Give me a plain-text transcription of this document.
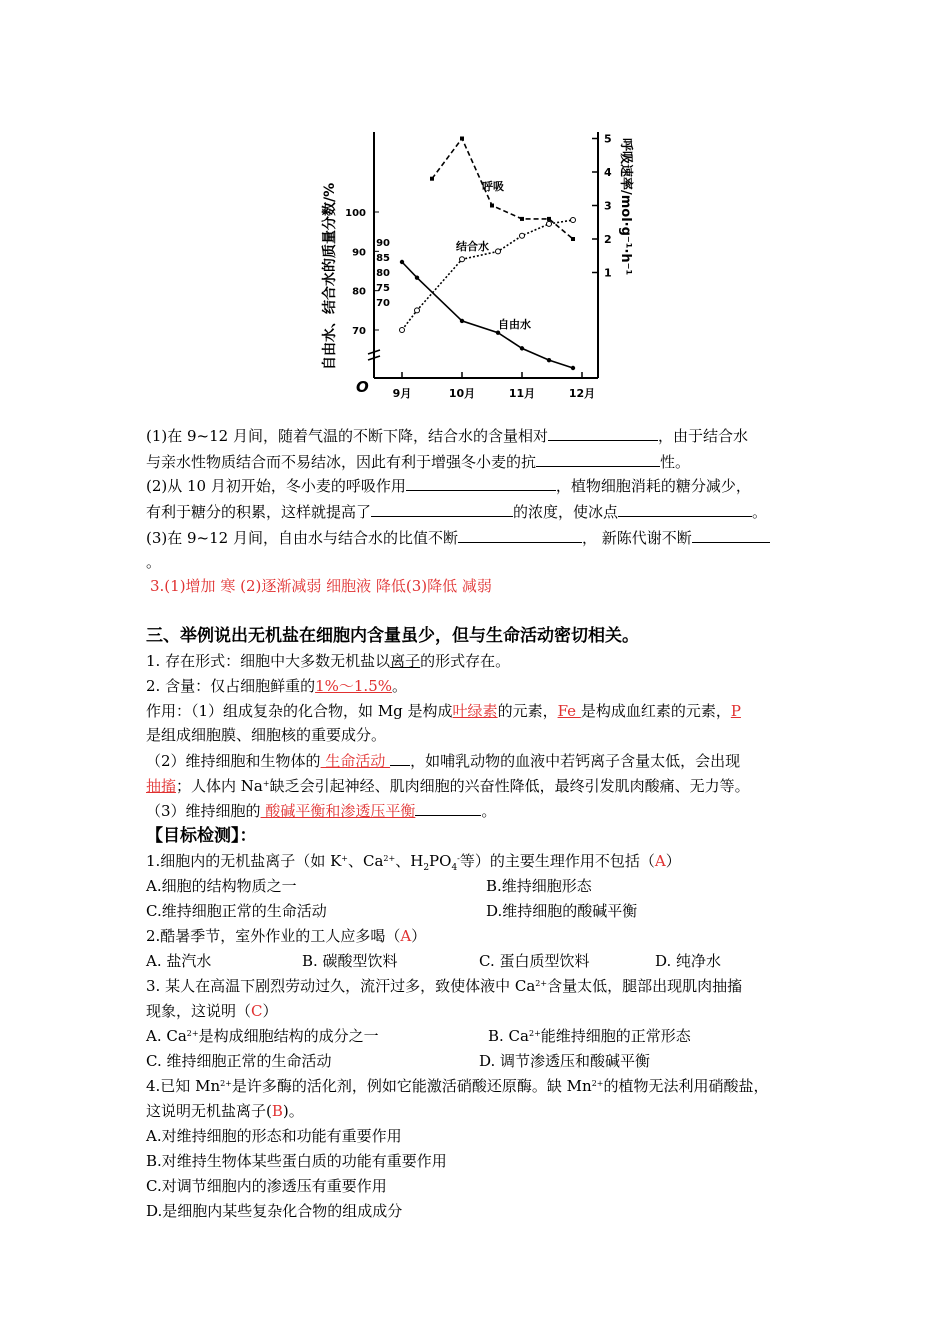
自由水、结合水的质量分数/%	呼吸速率/mol·g⁻¹·h⁻¹
O 9月	10月	11月	12月
100
90
80
70
90
85
80
75
70
1
2
3
4
5
呼吸
结合水
自由水
(1)在 9~12 月间，随着气温的不断下降，结合水的含量相对	，由于结合水
与亲水性物质结合而不易结冰，因此有利于增强冬小麦的抗	性。
(2)从 10 月初开始，冬小麦的呼吸作用	，植物细胞消耗的糖分减少，
有利于糖分的积累，这样就提高了	的浓度，使冰点	。
(3)在 9~12 月间，自由水与结合水的比值不断	， 新陈代谢不断
。
3.(1)增加 寒 (2)逐渐减弱 细胞液 降低(3)降低 减弱
三、举例说出无机盐在细胞内含量虽少，但与生命活动密切相关。
1. 存在形式：细胞中大多数无机盐以离子的形式存在。
2. 含量：仅占细胞鲜重的1%～1.5%。
作用：（1）组成复杂的化合物，如 Mg 是构成叶绿素的元素，Fe 是构成血红素的元素，P
是组成细胞膜、细胞核的重要成分。
（2）维持细胞和生物体的 生命活动 ，如哺乳动物的血液中若钙离子含量太低，会出现
抽搐；人体内 Na+缺乏会引起神经、肌肉细胞的兴奋性降低，最终引发肌肉酸痛、无力等。
（3）维持细胞的 酸碱平衡和渗透压平衡	。
【目标检测】：
1.细胞内的无机盐离子（如 K+、$Ca^{2+}$、$H_2PO_4^-$等）的主要生理作用不包括（A）
A.细胞的结构物质之一	B.维持细胞形态
C.维持细胞正常的生命活动	D.维持细胞的酸碱平衡
2.酷暑季节，室外作业的工人应多喝（A）
A. 盐汽水	B. 碳酸型饮料	C. 蛋白质型饮料	D. 纯净水
3. 某人在高温下剧烈劳动过久，流汗过多，致使体液中 $Ca^{2+}$含量太低，腿部出现肌肉抽搐
现象，这说明（C）
A. $Ca^{2+}$是构成细胞结构的成分之一	B. $Ca^{2+}$能维持细胞的正常形态
C. 维持细胞正常的生命活动	D. 调节渗透压和酸碱平衡
4.已知 $Mn^{2+}$是许多酶的活化剂，例如它能激活硝酸还原酶。缺 $Mn^{2+}$的植物无法利用硝酸盐，
这说明无机盐离子(B)。
A.对维持细胞的形态和功能有重要作用
B.对维持生物体某些蛋白质的功能有重要作用
C.对调节细胞内的渗透压有重要作用
D.是细胞内某些复杂化合物的组成成分
